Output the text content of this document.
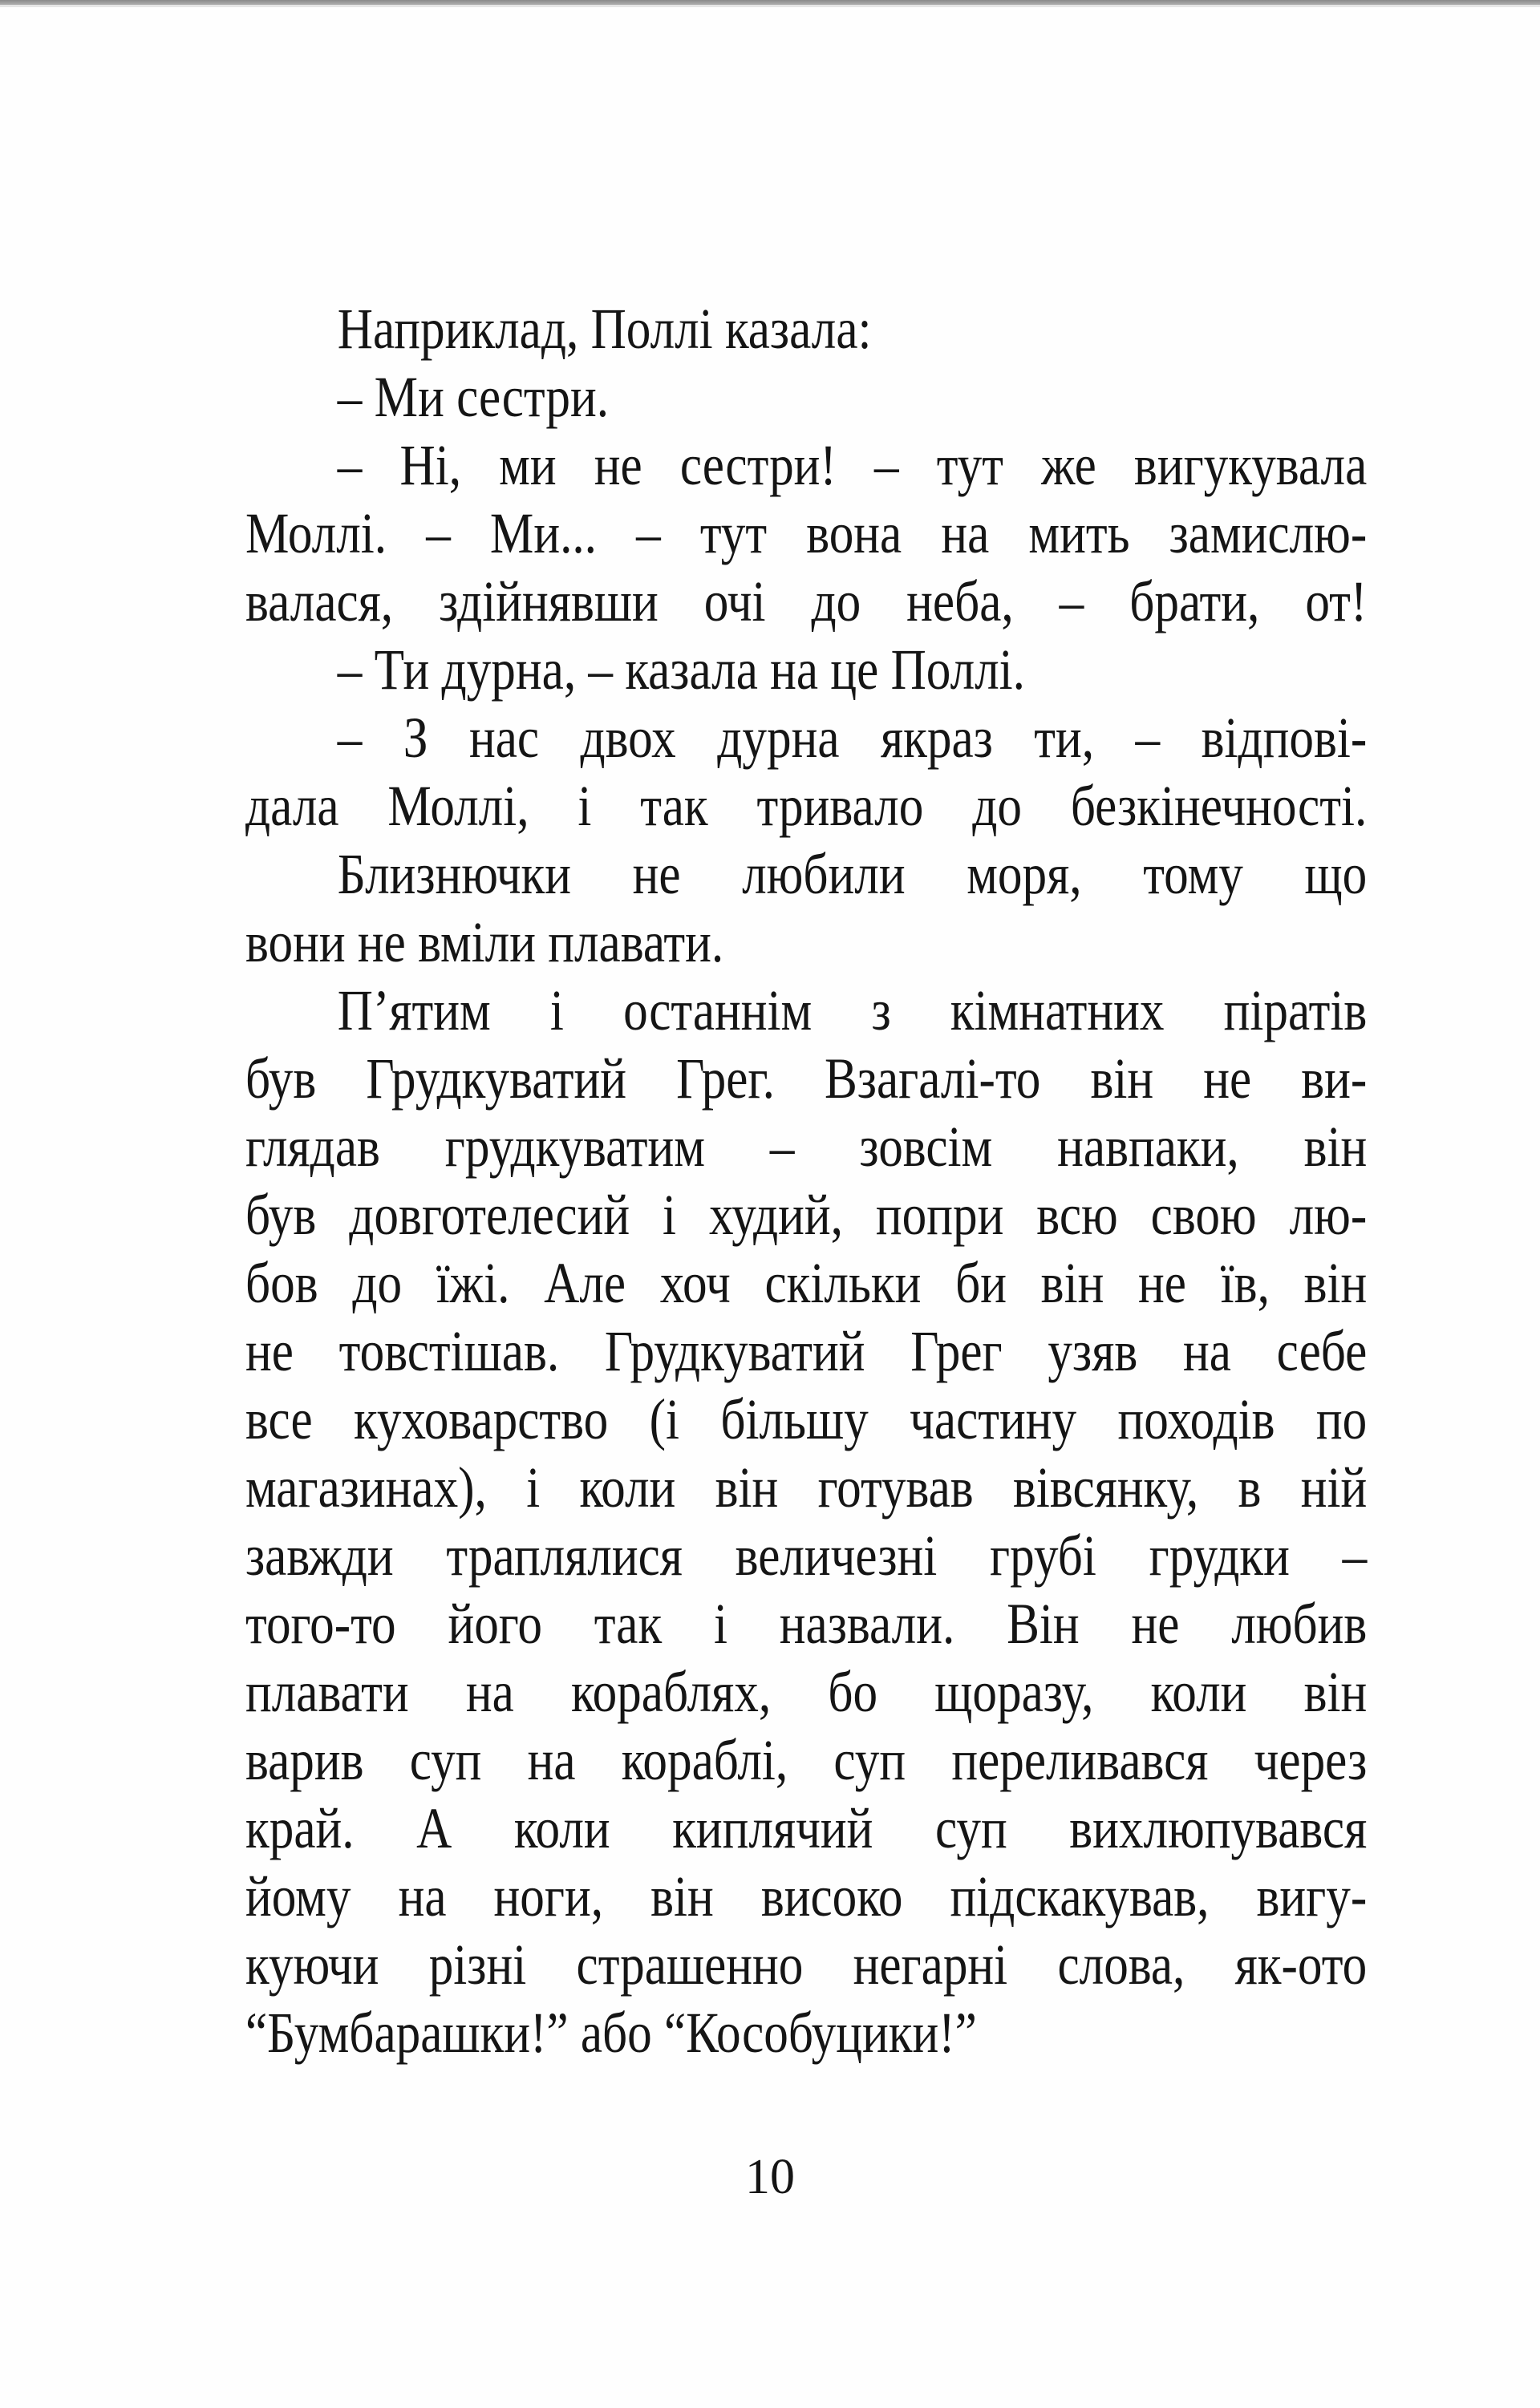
Наприклад, Поллі казала:
– Ми сестри.
– Ні, ми не сестри! – тут же вигукувала
Моллі. – Ми... – тут вона на мить замислю-
валася, здійнявши очі до неба, – брати, от!
– Ти дурна, – казала на це Поллі.
– З нас двох дурна якраз ти, – відпові-
дала Моллі, і так тривало до безкінечності.
Близнючки не любили моря, тому що
вони не вміли плавати.
П’ятим і останнім з кімнатних піратів
був Грудкуватий Грег. Взагалі-то він не ви-
глядав грудкуватим – зовсім навпаки, він
був довготелесий і худий, попри всю свою лю-
бов до їжі. Але хоч скільки би він не їв, він
не товстішав. Грудкуватий Грег узяв на себе
все куховарство (і більшу частину походів по
магазинах), і коли він готував вівсянку, в ній
завжди траплялися величезні грубі грудки –
того-то його так і назвали. Він не любив
плавати на кораблях, бо щоразу, коли він
варив суп на кораблі, суп переливався через
край. А коли киплячий суп вихлюпувався
йому на ноги, він високо підскакував, вигу-
куючи різні страшенно негарні слова, як-ото
“Бумбарашки!” або “Кособуцики!”
10
